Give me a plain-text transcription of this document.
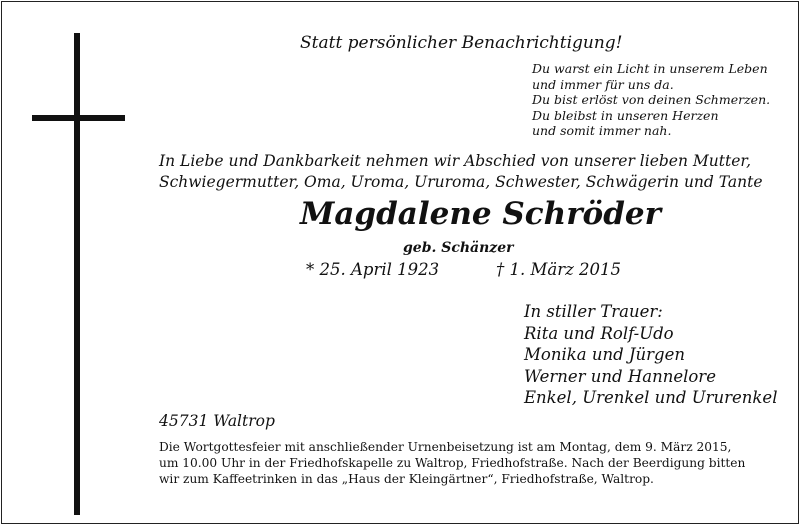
Statt persönlicher Benachrichtigung!
Du warst ein Licht in unserem Leben
und immer für uns da.
Du bist erlöst von deinen Schmerzen.
Du bleibst in unseren Herzen
und somit immer nah.
In Liebe und Dankbarkeit nehmen wir Abschied von unserer lieben Mutter,
Schwiegermutter, Oma, Uroma, Ururoma, Schwester, Schwägerin und Tante
Magdalene Schröder
geb. Schänzer
* 25. April 1923	† 1. März 2015
In stiller Trauer:
Rita und Rolf-Udo
Monika und Jürgen
Werner und Hannelore
Enkel, Urenkel und Ururenkel
45731 Waltrop
Die Wortgottesfeier mit anschließender Urnenbeisetzung ist am Montag, dem 9. März 2015,
um 10.00 Uhr in der Friedhofskapelle zu Waltrop, Friedhofstraße. Nach der Beerdigung bitten
wir zum Kaffeetrinken in das „Haus der Kleingärtner“, Friedhofstraße, Waltrop.
